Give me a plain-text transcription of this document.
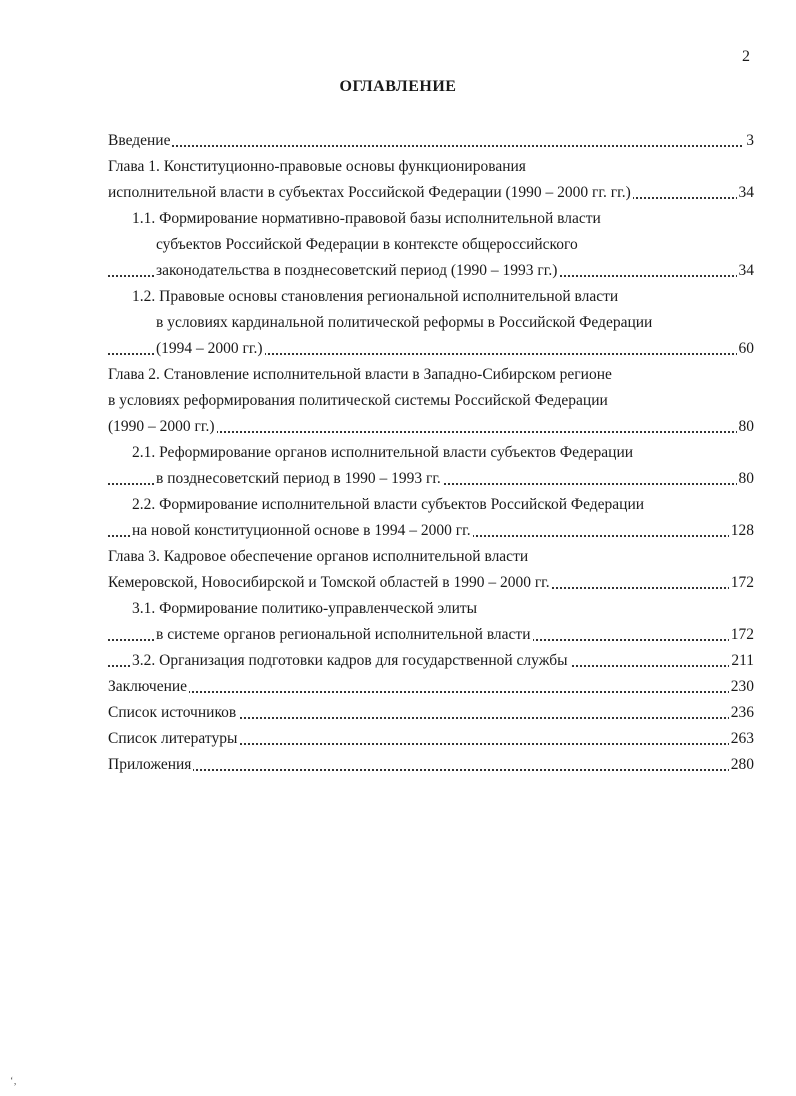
2
ОГЛАВЛЕНИЕ
Введение	3
Глава 1. Конституционно-правовые основы функционирования
исполнительной власти в субъектах Российской Федерации (1990 – 2000 гг. гг.)	34
1.1. Формирование нормативно-правовой базы исполнительной власти
субъектов Российской Федерации в контексте общероссийского
законодательства в позднесоветский период (1990 – 1993 гг.)	34
1.2. Правовые основы становления региональной исполнительной власти
в условиях кардинальной политической реформы в Российской Федерации
(1994 – 2000 гг.)	60
Глава 2. Становление исполнительной власти в Западно-Сибирском регионе
в условиях реформирования политической системы Российской Федерации
(1990 – 2000 гг.)	80
2.1. Реформирование органов исполнительной власти субъектов Федерации
в позднесоветский период в 1990 – 1993 гг.	80
2.2. Формирование исполнительной власти субъектов Российской Федерации
на новой конституционной основе в 1994 – 2000 гг.	128
Глава 3. Кадровое обеспечение органов исполнительной власти
Кемеровской, Новосибирской и Томской областей в 1990 – 2000 гг.	172
3.1. Формирование политико-управленческой элиты
в системе органов региональной исполнительной власти	172
3.2. Организация подготовки кадров для государственной службы	211
Заключение	230
Список источников	236
Список литературы	263
Приложения	280
‘‚
